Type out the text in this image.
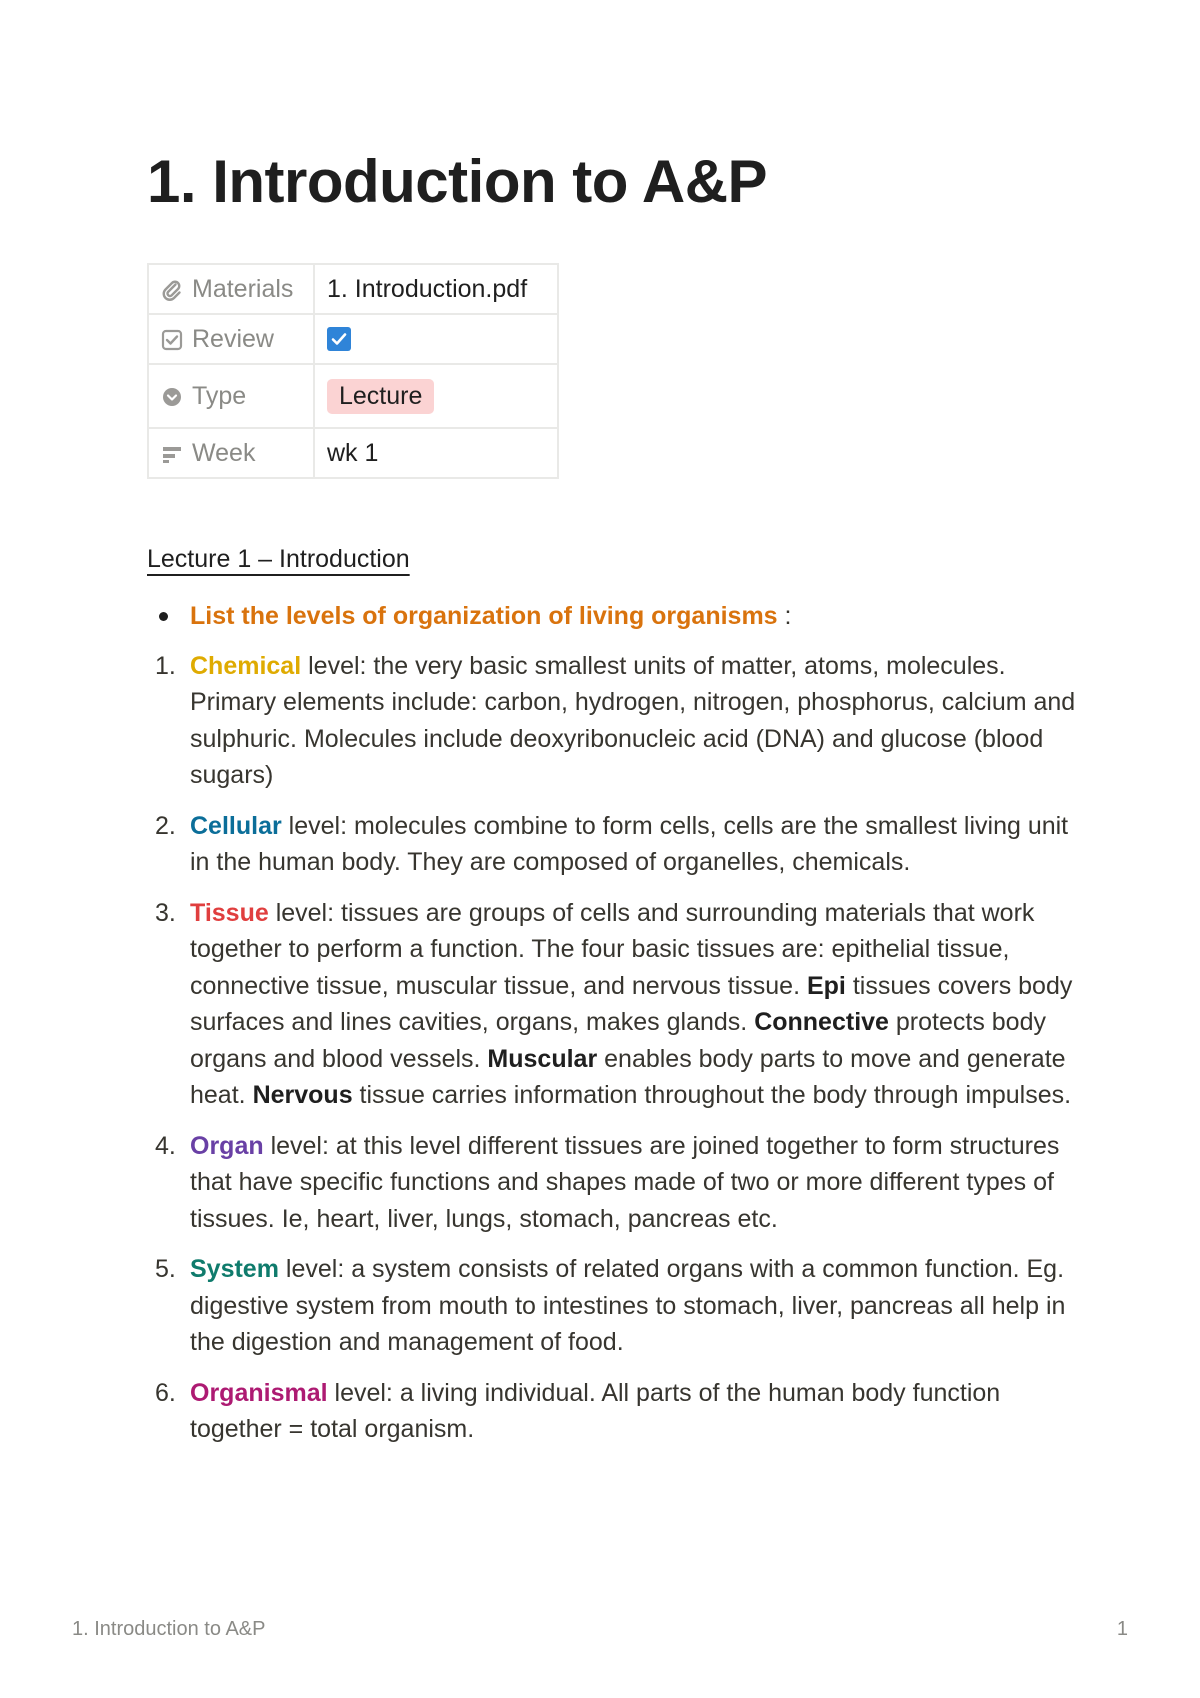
1. Introduction to A&P
Materials	1. Introduction.pdf
Review	

Type	Lecture
Week	wk 1
Lecture 1 – Introduction
List the levels of organization of living organisms :
1. Chemical level: the very basic smallest units of matter, atoms, molecules. Primary elements include: carbon, hydrogen, nitrogen, phosphorus, calcium and sulphuric. Molecules include deoxyribonucleic acid (DNA) and glucose (blood sugars)
2. Cellular level: molecules combine to form cells, cells are the smallest living unit in the human body. They are composed of organelles, chemicals.
3. Tissue level: tissues are groups of cells and surrounding materials that work together to perform a function. The four basic tissues are: epithelial tissue, connective tissue, muscular tissue, and nervous tissue. Epi tissues covers body surfaces and lines cavities, organs, makes glands. Connective protects body organs and blood vessels. Muscular enables body parts to move and generate heat. Nervous tissue carries information throughout the body through impulses.
4. Organ level: at this level different tissues are joined together to form structures that have specific functions and shapes made of two or more different types of tissues. Ie, heart, liver, lungs, stomach, pancreas etc.
5. System level: a system consists of related organs with a common function. Eg. digestive system from mouth to intestines to stomach, liver, pancreas all help in the digestion and management of food.
6. Organismal level: a living individual. All parts of the human body function together = total organism.
1. Introduction to A&P	1
